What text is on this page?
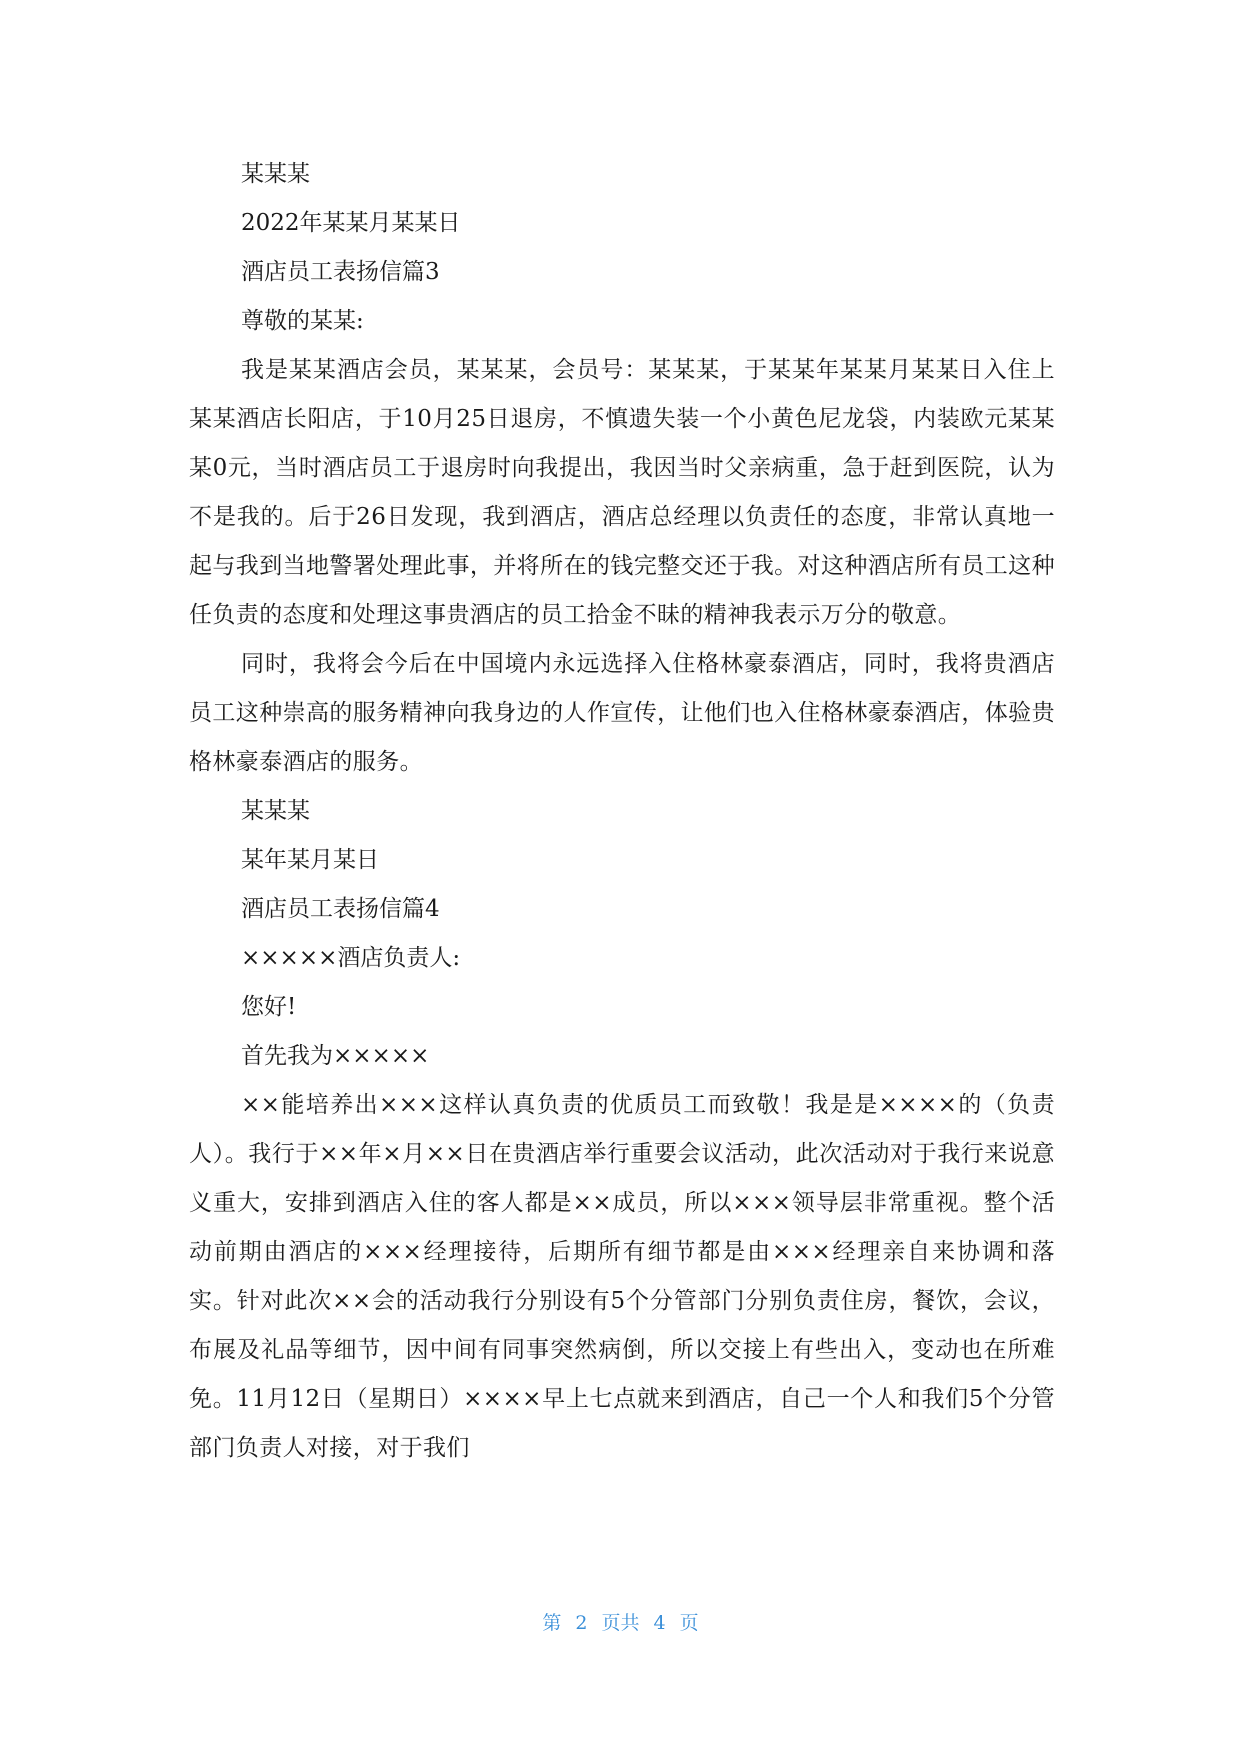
某某某

2022年某某月某某日

酒店员工表扬信篇3

尊敬的某某:

我是某某酒店会员，某某某，会员号：某某某，于某某年某某月某某日入住上某某酒店长阳店，于10月25日退房，不慎遗失装一个小黄色尼龙袋，内装欧元某某某0元，当时酒店员工于退房时向我提出，我因当时父亲病重，急于赶到医院，认为不是我的。后于26日发现，我到酒店，酒店总经理以负责任的态度，非常认真地一起与我到当地警署处理此事，并将所在的钱完整交还于我。对这种酒店所有员工这种任负责的态度和处理这事贵酒店的员工拾金不昧的精神我表示万分的敬意。

同时，我将会今后在中国境内永远选择入住格林豪泰酒店，同时，我将贵酒店员工这种崇高的服务精神向我身边的人作宣传，让他们也入住格林豪泰酒店，体验贵格林豪泰酒店的服务。

某某某

某年某月某日

酒店员工表扬信篇4

×××××酒店负责人:

您好!

首先我为×××××

××能培养出×××这样认真负责的优质员工而致敬！我是是××××的（负责人）。我行于××年×月××日在贵酒店举行重要会议活动，此次活动对于我行来说意义重大，安排到酒店入住的客人都是××成员，所以×××领导层非常重视。整个活动前期由酒店的×××经理接待，后期所有细节都是由×××经理亲自来协调和落实。针对此次××会的活动我行分别设有5个分管部门分别负责住房，餐饮，会议，布展及礼品等细节，因中间有同事突然病倒，所以交接上有些出入，变动也在所难免。11月12日（星期日）××××早上七点就来到酒店，自己一个人和我们5个分管部门负责人对接，对于我们

第 2 页共 4 页
